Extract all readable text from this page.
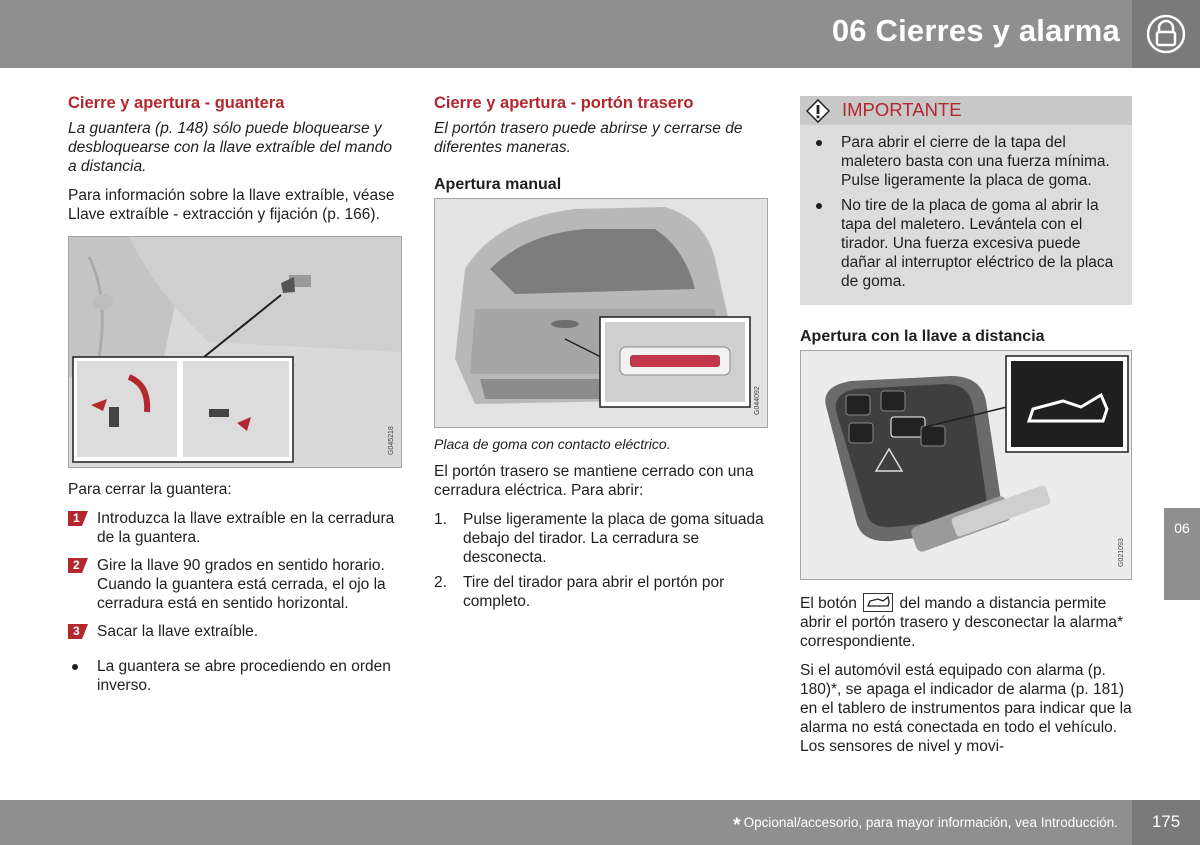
06 Cierres y alarma
06
Cierre y apertura - guantera

La guantera (p. 148) sólo puede bloquearse y desbloquearse con la llave extraíble del mando a distancia.

Para información sobre la llave extraíble, véase Llave extraíble - extracción y fijación (p. 166).

G045218

Para cerrar la guantera:

1 Introduzca la llave extraíble en la cerradura de la guantera.
2 Gire la llave 90 grados en sentido horario. Cuando la guantera está cerrada, el ojo la cerradura está en sentido horizontal.
3 Sacar la llave extraíble.
La guantera se abre procediendo en orden inverso.
Cierre y apertura - portón trasero

El portón trasero puede abrirse y cerrarse de diferentes maneras.

Apertura manual
G044092

Placa de goma con contacto eléctrico.

El portón trasero se mantiene cerrado con una cerradura eléctrica. Para abrir:

1. Pulse ligeramente la placa de goma situada debajo del tirador. La cerradura se desconecta.
2. Tire del tirador para abrir el portón por completo.
IMPORTANTE
Para abrir el cierre de la tapa del maletero basta con una fuerza mínima. Pulse ligeramente la placa de goma.
No tire de la placa de goma al abrir la tapa del maletero. Levántela con el tirador. Una fuerza excesiva puede dañar al interruptor eléctrico de la placa de goma.
Apertura con la llave a distancia
G021093

El botón	del mando a distancia permite abrir el portón trasero y desconectar la alarma* correspondiente.

Si el automóvil está equipado con alarma (p. 180)*, se apaga el indicador de alarma (p. 181) en el tablero de instrumentos para indicar que la alarma no está conectada en todo el vehículo. Los sensores de nivel y movi-

* Opcional/accesorio, para mayor información, vea Introducción.	175
